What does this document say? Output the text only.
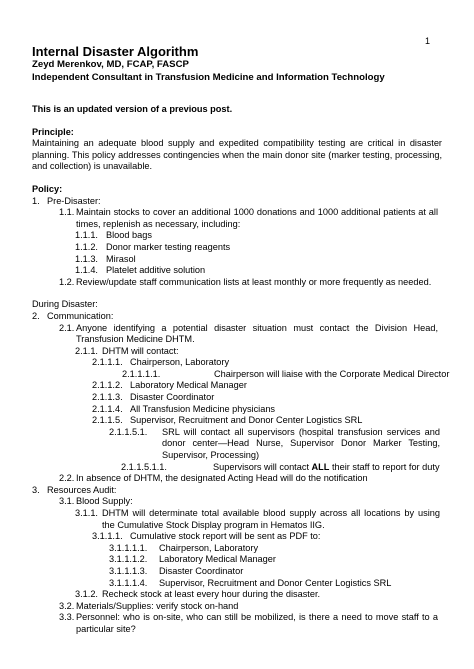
1
Internal Disaster Algorithm
Zeyd Merenkov, MD, FCAP, FASCP
Independent Consultant in Transfusion Medicine and Information Technology
This is an updated version of a previous post.
Principle:
Maintaining an adequate blood supply and expedited compatibility testing are critical in disaster planning. This policy addresses contingencies when the main donor site (marker testing, processing, and collection) is unavailable.
Policy:
1. Pre-Disaster:
1.1. Maintain stocks to cover an additional 1000 donations and 1000 additional patients at all times, replenish as necessary, including:
1.1.1. Blood bags
1.1.2. Donor marker testing reagents
1.1.3. Mirasol
1.1.4. Platelet additive solution
1.2. Review/update staff communication lists at least monthly or more frequently as needed.
During Disaster:
2. Communication:
2.1. Anyone identifying a potential disaster situation must contact the Division Head, Transfusion Medicine DHTM.
2.1.1. DHTM will contact:
2.1.1.1. Chairperson, Laboratory
2.1.1.1.1.	Chairperson will liaise with the Corporate Medical Director
2.1.1.2. Laboratory Medical Manager
2.1.1.3. Disaster Coordinator
2.1.1.4. All Transfusion Medicine physicians
2.1.1.5. Supervisor, Recruitment and Donor Center Logistics SRL
2.1.1.5.1. SRL will contact all supervisors (hospital transfusion services and donor center—Head Nurse, Supervisor Donor Marker Testing, Supervisor, Processing)
2.1.1.5.1.1.	Supervisors will contact ALL their staff to report for duty
2.2. In absence of DHTM, the designated Acting Head will do the notification
3. Resources Audit:
3.1. Blood Supply:
3.1.1. DHTM will determinate total available blood supply across all locations by using the Cumulative Stock Display program in Hematos IIG.
3.1.1.1. Cumulative stock report will be sent as PDF to:
3.1.1.1.1. Chairperson, Laboratory
3.1.1.1.2. Laboratory Medical Manager
3.1.1.1.3. Disaster Coordinator
3.1.1.1.4. Supervisor, Recruitment and Donor Center Logistics SRL
3.1.2. Recheck stock at least every hour during the disaster.
3.2. Materials/Supplies: verify stock on-hand
3.3. Personnel: who is on-site, who can still be mobilized, is there a need to move staff to a particular site?
